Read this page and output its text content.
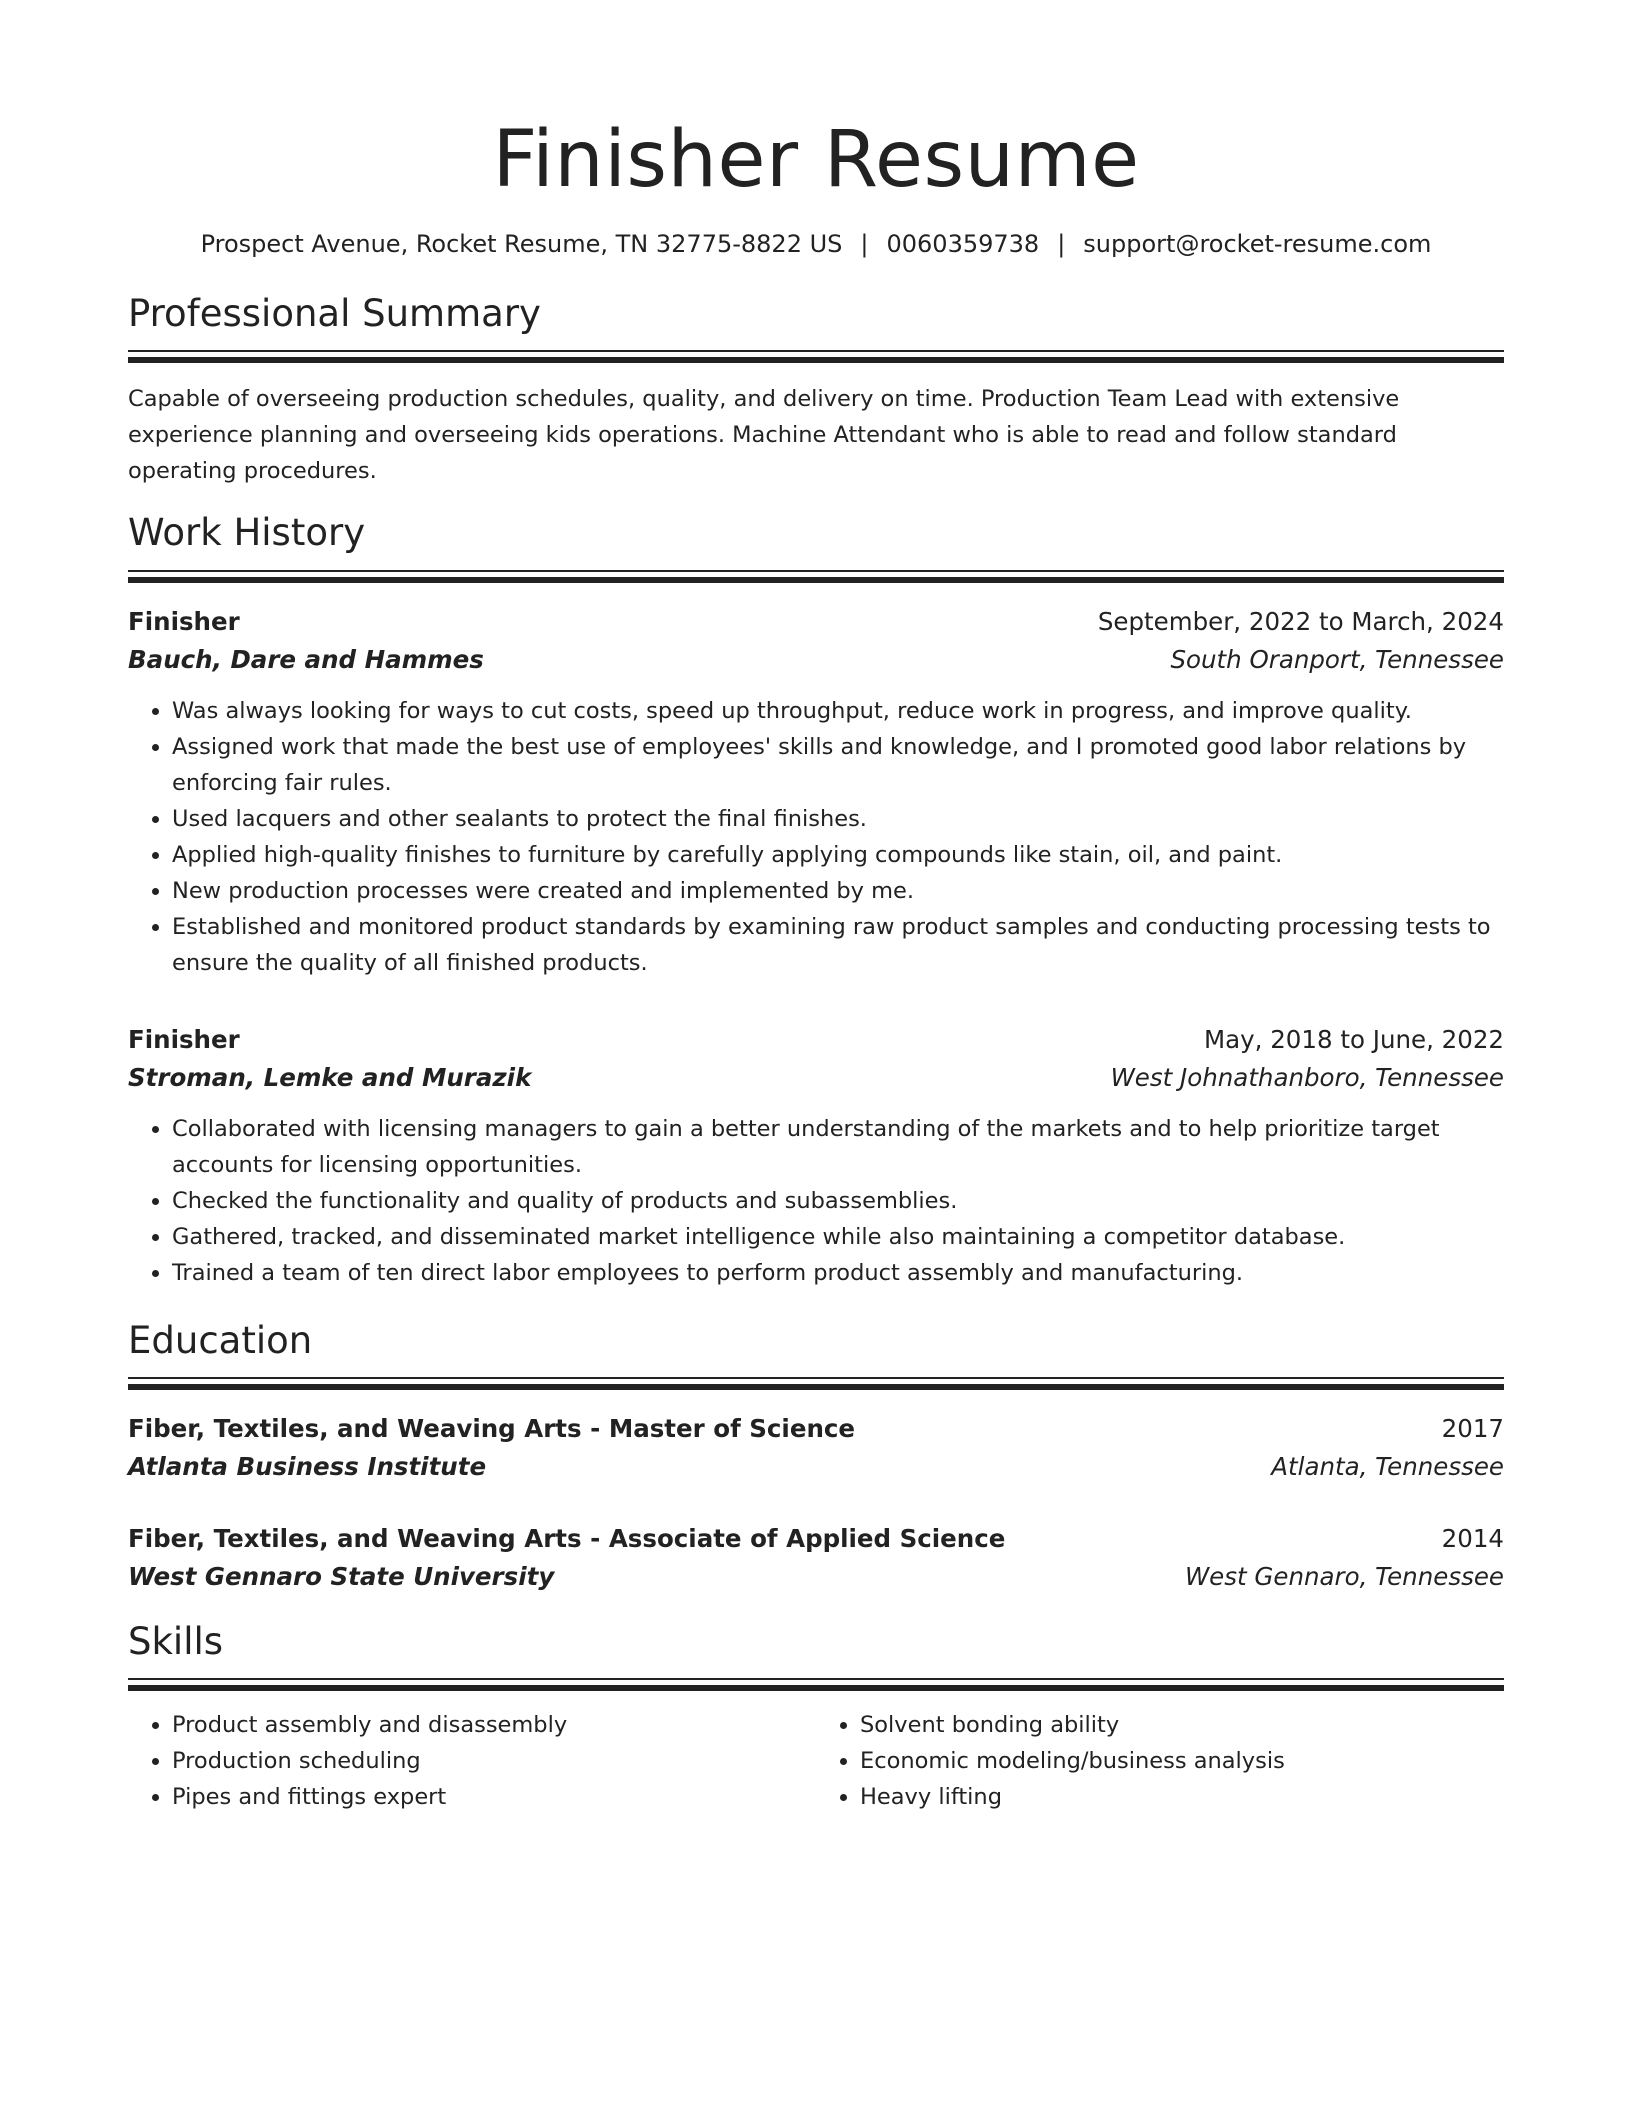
Finisher Resume
Prospect Avenue, Rocket Resume, TN 32775-8822 US | 0060359738 | support@rocket-resume.com
Professional Summary
Capable of overseeing production schedules, quality, and delivery on time. Production Team Lead with extensive experience planning and overseeing kids operations. Machine Attendant who is able to read and follow standard operating procedures.
Work History
Finisher	September, 2022 to March, 2024
Bauch, Dare and Hammes	South Oranport, Tennessee
• Was always looking for ways to cut costs, speed up throughput, reduce work in progress, and improve quality.
• Assigned work that made the best use of employees' skills and knowledge, and I promoted good labor relations by enforcing fair rules.
• Used lacquers and other sealants to protect the final finishes.
• Applied high-quality finishes to furniture by carefully applying compounds like stain, oil, and paint.
• New production processes were created and implemented by me.
• Established and monitored product standards by examining raw product samples and conducting processing tests to ensure the quality of all finished products.
Finisher	May, 2018 to June, 2022
Stroman, Lemke and Murazik	West Johnathanboro, Tennessee
• Collaborated with licensing managers to gain a better understanding of the markets and to help prioritize target accounts for licensing opportunities.
• Checked the functionality and quality of products and subassemblies.
• Gathered, tracked, and disseminated market intelligence while also maintaining a competitor database.
• Trained a team of ten direct labor employees to perform product assembly and manufacturing.
Education
Fiber, Textiles, and Weaving Arts - Master of Science	2017
Atlanta Business Institute	Atlanta, Tennessee
Fiber, Textiles, and Weaving Arts - Associate of Applied Science	2014
West Gennaro State University	West Gennaro, Tennessee
Skills
• Product assembly and disassembly
• Production scheduling
• Pipes and fittings expert
• Solvent bonding ability
• Economic modeling/business analysis
• Heavy lifting
